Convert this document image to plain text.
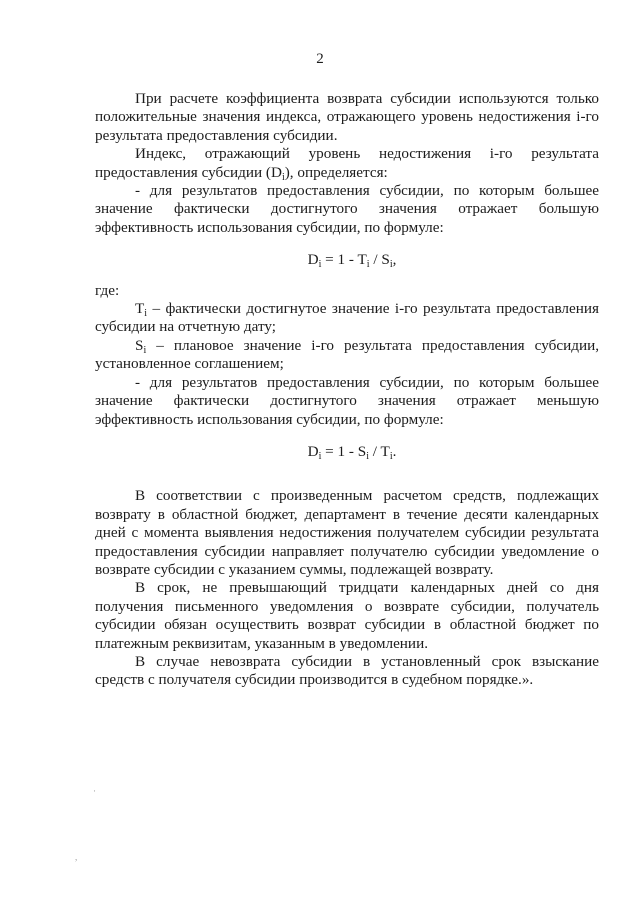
2

При расчете коэффициента возврата субсидии используются только положительные значения индекса, отражающего уровень недостижения i-го результата предоставления субсидии.

Индекс, отражающий уровень недостижения i-го результата предоставления субсидии $(D_i)$, определяется:

- для результатов предоставления субсидии, по которым большее значение фактически достигнутого значения отражает большую эффективность использования субсидии, по формуле:

$D_i = 1 - T_i / S_i$,

где:

$T_i$ – фактически достигнутое значение i-го результата предоставления субсидии на отчетную дату;

$S_i$ – плановое значение i-го результата предоставления субсидии, установленное соглашением;

- для результатов предоставления субсидии, по которым большее значение фактически достигнутого значения отражает меньшую эффективность использования субсидии, по формуле:

$D_i = 1 - S_i / T_i$.

В соответствии с произведенным расчетом средств, подлежащих возврату в областной бюджет, департамент в течение десяти календарных дней с момента выявления недостижения получателем субсидии результата предоставления субсидии направляет получателю субсидии уведомление о возврате субсидии с указанием суммы, подлежащей возврату.

В срок, не превышающий тридцати календарных дней со дня получения письменного уведомления о возврате субсидии, получатель субсидии обязан осуществить возврат субсидии в областной бюджет по платежным реквизитам, указанным в уведомлении.

В случае невозврата субсидии в установленный срок взыскание средств с получателя субсидии производится в судебном порядке.».

·
,
